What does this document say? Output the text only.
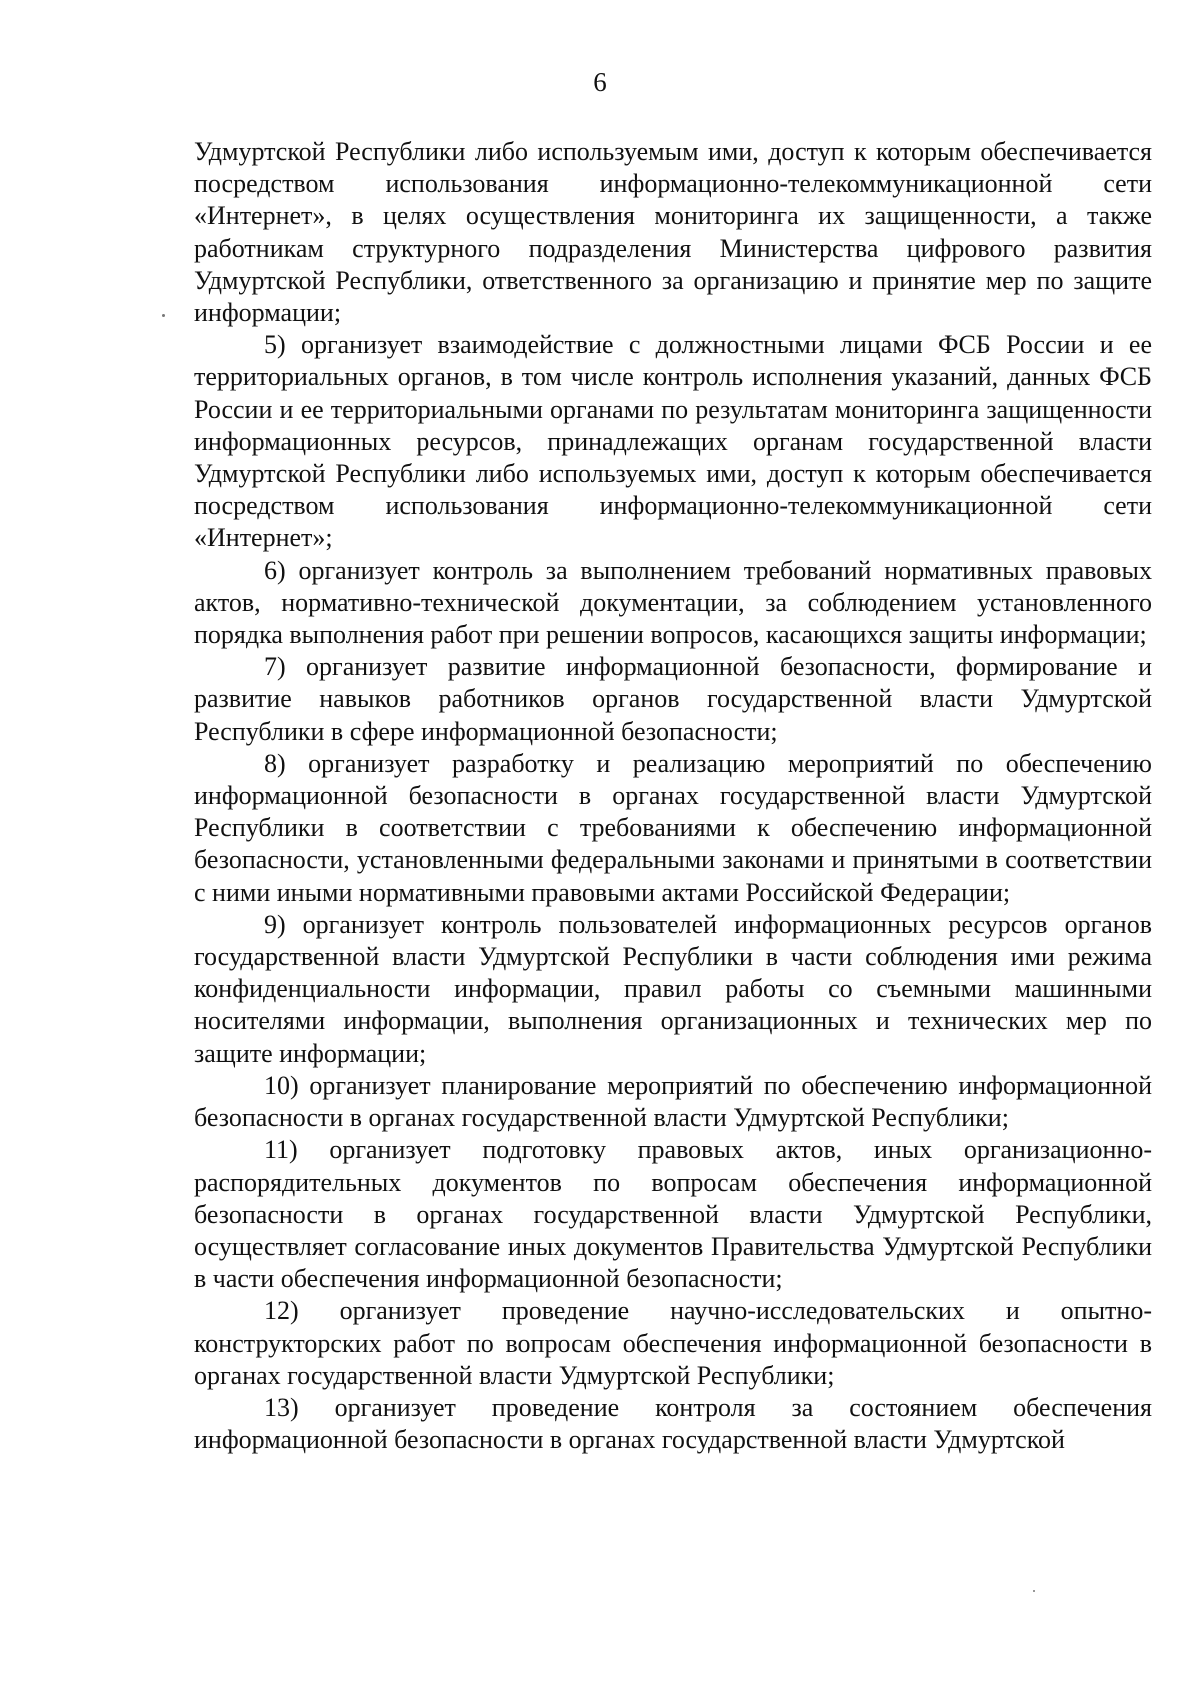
6

Удмуртской Республики либо используемым ими, доступ к которым обеспечивается посредством использования информационно-телекоммуникационной сети «Интернет», в целях осуществления мониторинга их защищенности, а также работникам структурного подразделения Министерства цифрового развития Удмуртской Республики, ответственного за организацию и принятие мер по защите информации;

5) организует взаимодействие с должностными лицами ФСБ России и ее территориальных органов, в том числе контроль исполнения указаний, данных ФСБ России и ее территориальными органами по результатам мониторинга защищенности информационных ресурсов, принадлежащих органам государственной власти Удмуртской Республики либо используемых ими, доступ к которым обеспечивается посредством использования информационно-телекоммуникационной сети «Интернет»;

6) организует контроль за выполнением требований нормативных правовых актов, нормативно-технической документации, за соблюдением установленного порядка выполнения работ при решении вопросов, касающихся защиты информации;

7) организует развитие информационной безопасности, формирование и развитие навыков работников органов государственной власти Удмуртской Республики в сфере информационной безопасности;

8) организует разработку и реализацию мероприятий по обеспечению информационной безопасности в органах государственной власти Удмуртской Республики в соответствии с требованиями к обеспечению информационной безопасности, установленными федеральными законами и принятыми в соответствии с ними иными нормативными правовыми актами Российской Федерации;

9) организует контроль пользователей информационных ресурсов органов государственной власти Удмуртской Республики в части соблюдения ими режима конфиденциальности информации, правил работы со съемными машинными носителями информации, выполнения организационных и технических мер по защите информации;

10) организует планирование мероприятий по обеспечению информационной безопасности в органах государственной власти Удмуртской Республики;

11) организует подготовку правовых актов, иных организационно-распорядительных документов по вопросам обеспечения информационной безопасности в органах государственной власти Удмуртской Республики, осуществляет согласование иных документов Правительства Удмуртской Республики в части обеспечения информационной безопасности;

12) организует проведение научно-исследовательских и опытно-конструкторских работ по вопросам обеспечения информационной безопасности в органах государственной власти Удмуртской Республики;

13) организует проведение контроля за состоянием обеспечения информационной безопасности в органах государственной власти Удмуртской
